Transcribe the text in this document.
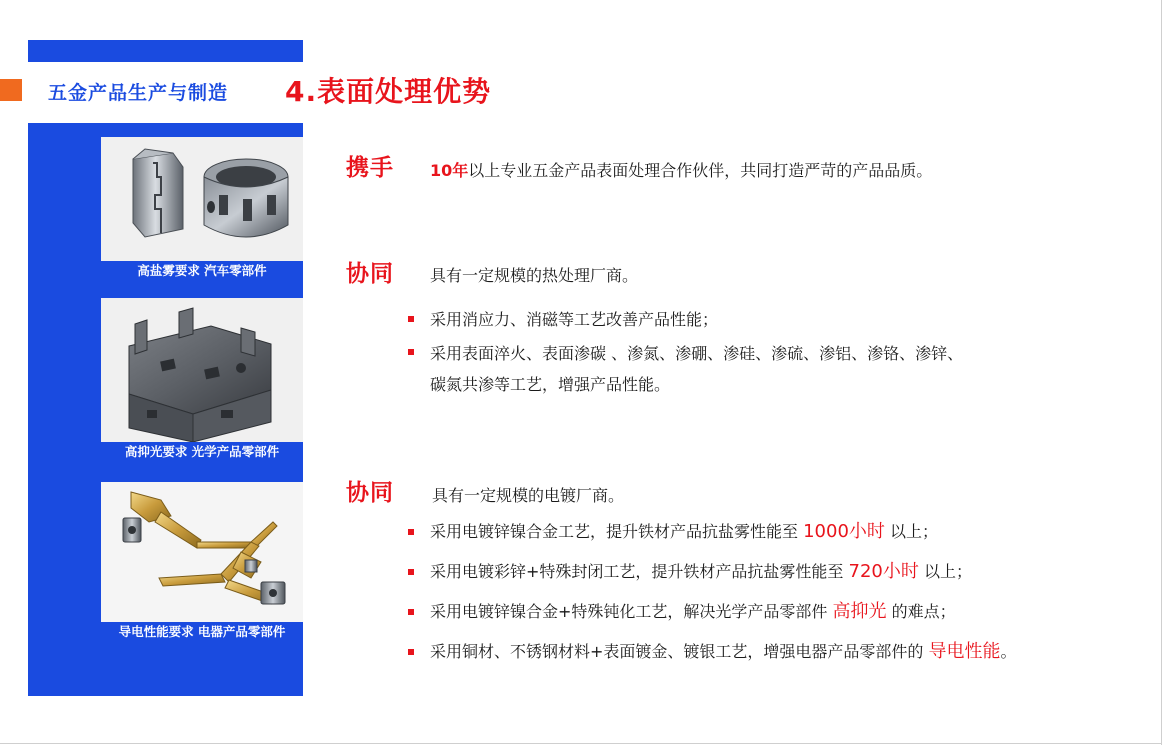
五金产品生产与制造 4.表面处理优势
高盐雾要求 汽车零部件
高抑光要求 光学产品零部件
导电性能要求 电器产品零部件
携手 10年以上专业五金产品表面处理合作伙伴，共同打造严苛的产品品质。
协同 具有一定规模的热处理厂商。
采用消应力、消磁等工艺改善产品性能；
采用表面淬火、表面渗碳 、渗氮、渗硼、渗硅、渗硫、渗铝、渗铬、渗锌、
碳氮共渗等工艺，增强产品性能。
协同 具有一定规模的电镀厂商。
采用电镀锌镍合金工艺，提升铁材产品抗盐雾性能至 1000小时 以上；
采用电镀彩锌+特殊封闭工艺，提升铁材产品抗盐雾性能至 720小时 以上；
采用电镀锌镍合金+特殊钝化工艺，解决光学产品零部件 高抑光 的难点；
采用铜材、不锈钢材料+表面镀金、镀银工艺，增强电器产品零部件的 导电性能。
